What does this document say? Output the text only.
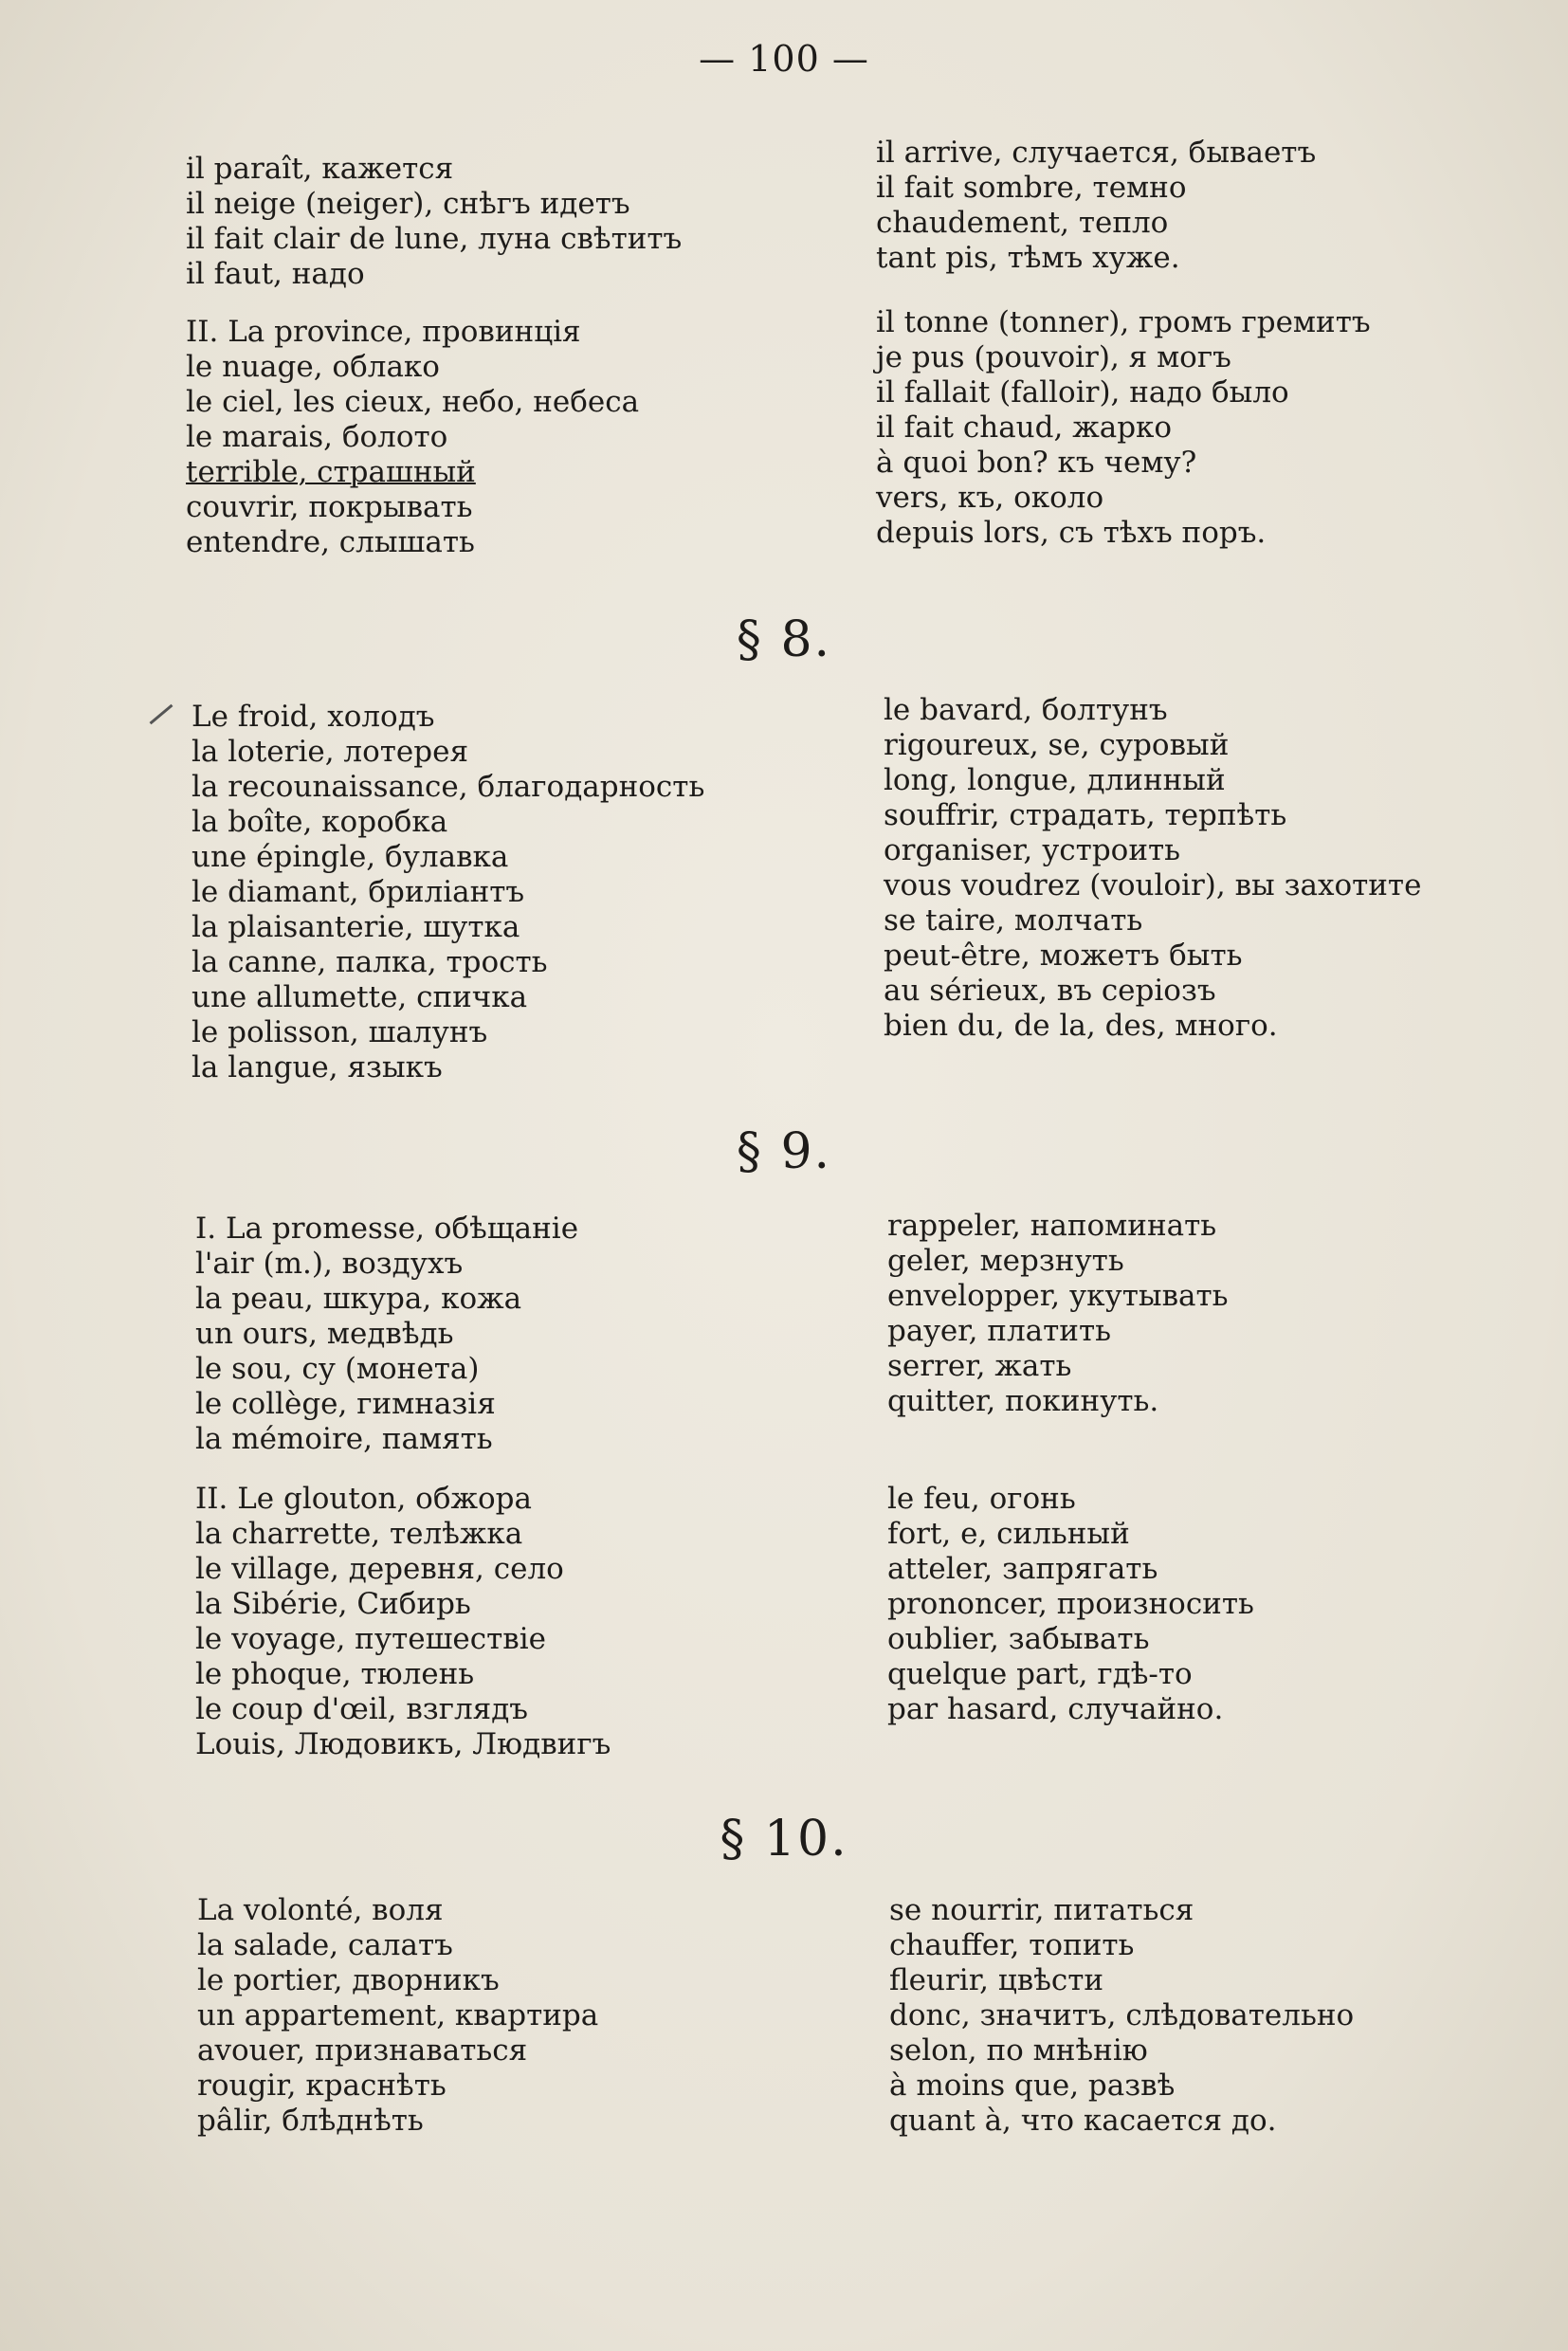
— 100 —
il paraît, кажется
il neige (neiger), снѣгъ идетъ
il fait clair de lune, луна свѣтитъ
il faut, надо
II. La province, провинція
le nuage, облако
le ciel, les cieux, небо, небеса
le marais, болото
terrible, страшный
couvrir, покрывать
entendre, слышать
il arrive, случается, бываетъ
il fait sombre, темно
chaudement, тепло
tant pis, тѣмъ хуже.
il tonne (tonner), громъ гремитъ
je pus (pouvoir), я могъ
il fallait (falloir), надо было
il fait chaud, жарко
à quoi bon? къ чему?
vers, къ, около
depuis lors, съ тѣхъ поръ.
§ 8.
Le froid, холодъ
la loterie, лотерея
la recounaissance, благодарность
la boîte, коробка
une épingle, булавка
le diamant, бриліантъ
la plaisanterie, шутка
la canne, палка, трость
une allumette, спичка
le polisson, шалунъ
la langue, языкъ
le bavard, болтунъ
rigoureux, se, суровый
long, longue, длинный
souffrir, страдать, терпѣть
organiser, устроить
vous voudrez (vouloir), вы захотите
se taire, молчать
peut-être, можетъ быть
au sérieux, въ серіозъ
bien du, de la, des, много.
§ 9.
I. La promesse, обѣщаніе
l'air (m.), воздухъ
la peau, шкура, кожа
un ours, медвѣдь
le sou, су (монета)
le collège, гимназія
la mémoire, память
II. Le glouton, обжора
la charrette, телѣжка
le village, деревня, село
la Sibérie, Сибирь
le voyage, путешествіе
le phoque, тюлень
le coup d'œil, взглядъ
Louis, Людовикъ, Людвигъ
rappeler, напоминать
geler, мерзнуть
envelopper, укутывать
payer, платить
serrer, жать
quitter, покинуть.
le feu, огонь
fort, e, сильный
atteler, запрягать
prononcer, произносить
oublier, забывать
quelque part, гдѣ-то
par hasard, случайно.
§ 10.
La volonté, воля
la salade, салатъ
le portier, дворникъ
un appartement, квартира
avouer, признаваться
rougir, краснѣть
pâlir, блѣднѣть
se nourrir, питаться
chauffer, топить
fleurir, цвѣсти
donc, значитъ, слѣдовательно
selon, по мнѣнію
à moins que, развѣ
quant à, что касается до.
